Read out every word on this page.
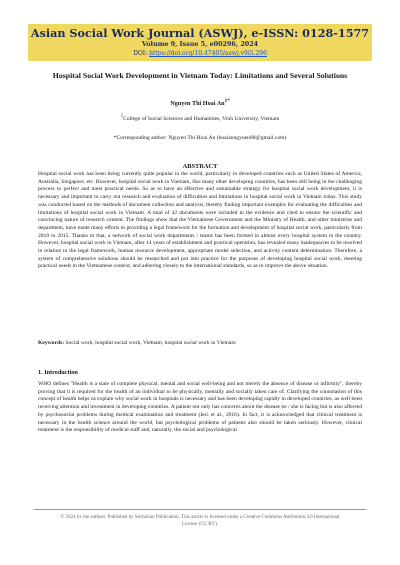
Asian Social Work Journal (ASWJ), e-ISSN: 0128-1577
Volume 9, Issue 5, e00296, 2024
DOI: https://doi.org/10.47405/aswj.v9i5.296
Hospital Social Work Development in Vietnam Today: Limitations and Several Solutions
Nguyen Thi Hoai $An^{1*}$
$^1$College of Social Sciences and Humanities, Vinh University, Vietnam
*Corresponding author: Nguyen Thi Hoai An (hoaianngyuen88@gmail.com)
ABSTRACT
Hospital social work has been being currently quite popular in the world, particularly in developed countries such as United States of America, Australia, Singapore, etc. However, hospital social work in Vietnam, like many other developing countries, has been still being in the challenging process to perfect and meet practical needs. So as to have an effective and sustainable strategy for hospital social work development, it is necessary and important to carry out research and evaluation of difficulties and limitations in hospital social work in Vietnam today. This study was conducted based on the methods of document collection and analysis, thereby finding important examples for evaluating the difficulties and limitations of hospital social work in Vietnam. A total of 42 documents were included in the evidence and cited to ensure the scientific and convincing nature of research content. The findings show that the Vietnamese Government and the Ministry of Health, and other ministries and department, have made many efforts in providing a legal framework for the formation and development of hospital social work, particularly from 2010 to 2015. Thanks to that, a network of social work departments / teams has been formed in almost every hospital system in the country. However, hospital social work in Vietnam, after 14 years of establishment and practical operation, has revealed many inadequacies to be resolved in relation to the legal framework, human resource development, appropriate model selection, and activity content determination. Therefore, a system of comprehensive solutions should be researched and put into practice for the purposes of developing hospital social work, meeting practical needs in the Vietnamese context, and adhering closely to the international standards, so as to improve the above situation.
Keywords: Social work, hospital social work, Vietnam, hospital social work in Vietnam
1. Introduction
WHO defines "Health is a state of complete physical, mental and social well-being and not merely the absence of disease or infirmity", thereby proving that it is required for the health of an individual to be physically, mentally and socially taken care of. Clarifying the connotation of this concept of health helps us explain why social work in hospitals is necessary and has been developing rapidly in developed countries, as well been receiving attention and investment in developing countries. A patient not only has concerns about the disease he / she is facing but is also affected by psychosocial problems during medical examination and treatment (Ieci et al., 2016). In fact, it is acknowledged that clinical treatment is necessary in the health science around the world, but psychological problems of patients also should be taken seriously. However, clinical treatment is the responsibility of medical staff and, naturally, the social and psychological
© 2024 by the authors. Published by Secholian Publication. This article is licensed under a Creative Commons Attribution 4.0 International License (CC BY).
